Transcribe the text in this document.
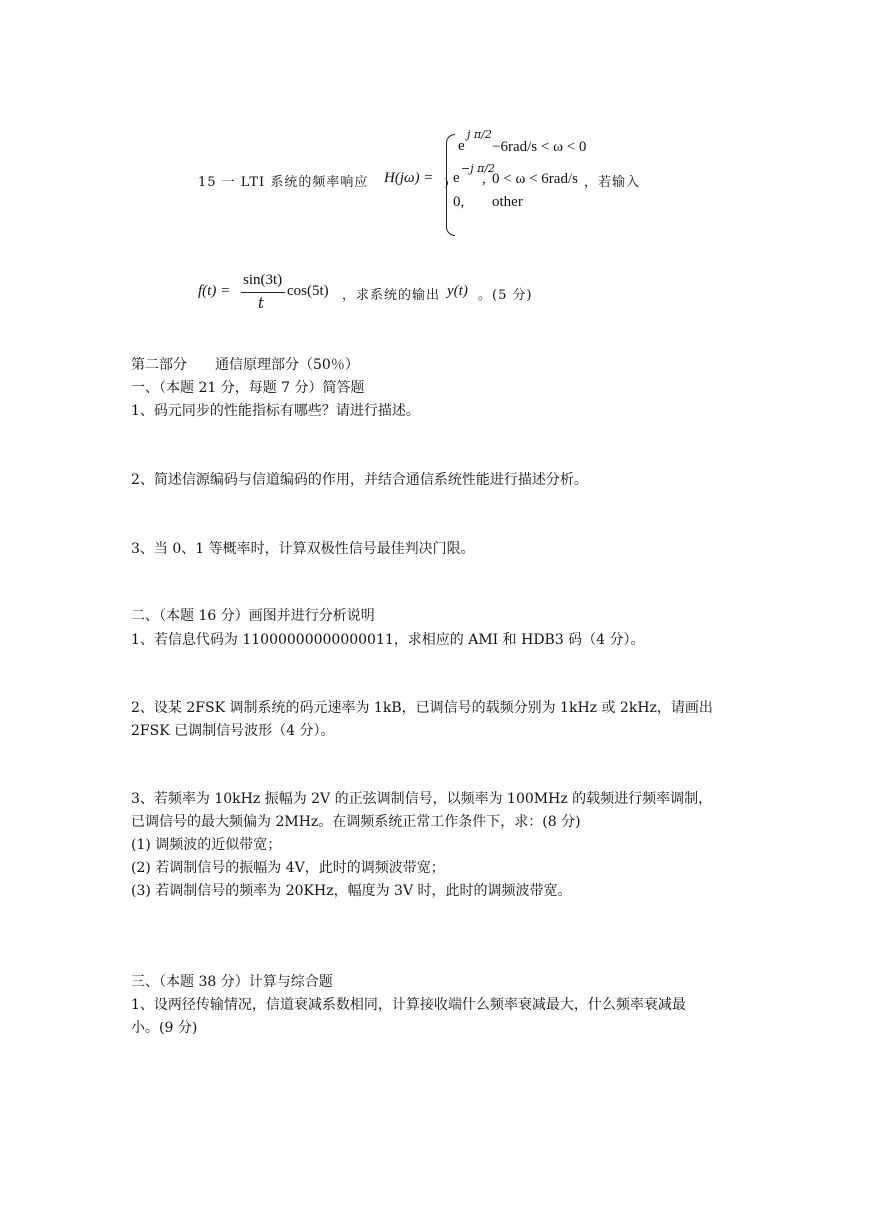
15 一 LTI 系统的频率响应 H(jω) =
e
j π/2
−6rad/s < ω < 0
e
−j π/2
, 0 < ω < 6rad/s
0, other
，若输入
f(t) =
sin(3t)
t
cos(5t) ，求系统的输出 y(t) 。(5 分)
第二部分　　通信原理部分（50％）
一、（本题 21 分，每题 7 分）简答题
1、码元同步的性能指标有哪些？请进行描述。
2、简述信源编码与信道编码的作用，并结合通信系统性能进行描述分析。
3、当 0、1 等概率时，计算双极性信号最佳判决门限。
二、（本题 16 分）画图并进行分析说明
1、若信息代码为 11000000000000011，求相应的 AMI 和 HDB3 码（4 分）。
2、设某 2FSK 调制系统的码元速率为 1kB，已调信号的载频分别为 1kHz 或 2kHz，请画出
2FSK 已调制信号波形（4 分）。
3、若频率为 10kHz 振幅为 2V 的正弦调制信号，以频率为 100MHz 的载频进行频率调制，
已调信号的最大频偏为 2MHz。在调频系统正常工作条件下，求：(8 分)
(1) 调频波的近似带宽；
(2) 若调制信号的振幅为 4V，此时的调频波带宽；
(3) 若调制信号的频率为 20KHz，幅度为 3V 时，此时的调频波带宽。
三、（本题 38 分）计算与综合题
1、设两径传输情况，信道衰减系数相同，计算接收端什么频率衰减最大，什么频率衰减最
小。(9 分)
